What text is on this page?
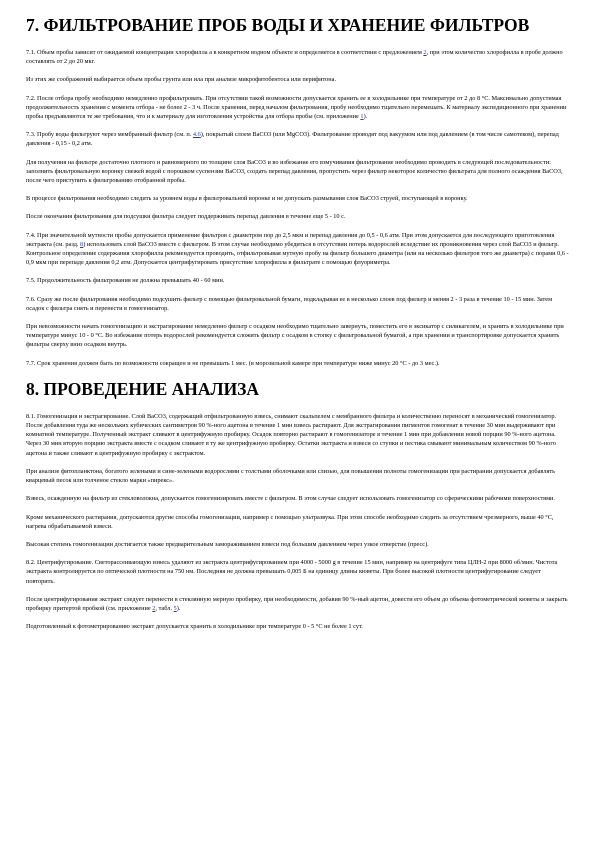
7. ФИЛЬТРОВАНИЕ ПРОБ ВОДЫ И ХРАНЕНИЕ ФИЛЬТРОВ

7.1. Объем пробы зависит от ожидаемой концентрации хлорофилла а в конкретном водном объекте и определяется в соответствии с предложением 2, при этом количество хлорофилла в пробе должно составлять от 2 до 20 мкг.

Из этих же соображений выбирается объем пробы грунта или ила при анализе микрофитобентоса или перифитона.

7.2. После отбора пробу необходимо немедленно профильтровать. При отсутствии такой возможности допускается хранить ее в холодильнике при температуре от 2 до 8 °С. Максимально допустимая продолжительность хранения с момента отбора - не более 2 - 3 ч. После хранения, перед началом фильтрования, пробу необходимо тщательно перемешать. К материалу экспедиционного при хранении пробы предъявляются те же требования, что и к материалу для изготовления устройства для отбора пробы (см. приложение 1).

7.3. Пробу воды фильтруют через мембранный фильтр (см. п. 4.6), покрытый слоем BaCO3 (или MgCO3). Фильтрование проводят под вакуумом или под давлением (в том числе самотеком), перепад давления - 0,15 - 0,2 атм.

Для получения на фильтре достаточно плотного и равномерного по толщине слоя BaCO3 и во избежание его взмучивания фильтрование необходимо проводить в следующей последовательности: заполнить фильтровальную воронку свежей водой с порошком суспензии BaCO3, создать перепад давления, пропустить через фильтр некоторое количество фильтрата для полного осаждения BaCO3, после чего приступить к фильтрованию отобранной пробы.

В процессе фильтрования необходимо следить за уровнем воды в фильтровальной воронке и не допускать размывания слоя BaCO3 струей, поступающей в воронку.

После окончания фильтрования для подсушки фильтра следует поддерживать перепад давления в течение еще 5 - 10 с.

7.4. При значительной мутности пробы допускается применение фильтров с диаметром пор до 2,5 мкм и перепад давления до 0,5 - 0,6 атм. При этом допускается для последующего приготовления экстракта (см. разд. 8) использовать слой BaCO3 вместе с фильтром. В этом случае необходимо убедиться в отсутствии потерь водорослей вследствие их проникновения через слой BaCO3 и фильтр. Контрольное определение содержания хлорофилла рекомендуется проводить, отфильтровывая мутную пробу на фильтр большего диаметра (или на несколько фильтров того же диаметра) с порами 0,6 - 0,9 мкм при перепаде давления 0,2 атм. Допускается центрифугировать присутствие хлорофилла в фильтрате с помощью флуориметра.

7.5. Продолжительность фильтрования не должна превышать 40 - 60 мин.

7.6. Сразу же после фильтрования необходимо подсушить фильтр с помощью фильтровальной бумаги, подкладывая ее в несколько слоев под фильтр и меняя 2 - 3 раза в течение 10 - 15 мин. Затем осадок с фильтра снять и перенести в гомогенизатор.

При невозможности начать гомогенизацию и экстрагирование немедленно фильтр с осадком необходимо тщательно завернуть, поместить его в эксикатор с силикагелем, и хранить в холодильнике при температуре минус 10 - 0 °С. Во избежание потерь водорослей рекомендуется сложить фильтр с осадком в стопку с фильтровальной бумагой, а при хранении и транспортировке допускается хранить фильтры сверху вниз осадком внутрь.

7.7. Срок хранения должен быть по возможности сокращен и не превышать 1 мес. (в морозильной камере при температуре ниже минус 20 °С - до 3 мес.).

8. ПРОВЕДЕНИЕ АНАЛИЗА

8.1. Гомогенизация и экстрагирование. Слой BaCO3, содержащий отфильтрованную взвесь, снимают скальпелем с мембранного фильтра и количественно переносят в механический гомогенизатор. После добавления туда же нескольких кубических сантиметров 90 %-ного ацетона в течение 1 мин взвесь растирают. Для экстрагирования пигментов гомогенат в течение 30 мин выдерживают при комнатной температуре. Полученный экстракт сливают в центрифужную пробирку. Осадок повторно растирают в гомогенизаторе в течение 1 мин при добавлении новой порции 90 %-ного ацетона. Через 30 мин вторую порцию экстракта вместе с осадком сливают в ту же центрифужную пробирку. Остатки экстракта и взвеси со ступки и пестика смывают минимальным количеством 90 %-ного ацетона и также сливают в центрифужную пробирку с экстрактом.

При анализе фитопланктона, богатого зелеными и сине-зелеными водорослями с толстыми оболочками или слизью, для повышения полноты гомогенизации при растирании допускается добавлять кварцевый песок или толченое стекло марки «пирекс».

Взвесь, осажденную на фильтр из стекловолокна, допускается гомогенизировать вместе с фильтром. В этом случае следует использовать гомогенизатор со сферическими рабочими поверхностями.

Кроме механического растирания, допускаются другие способы гомогенизации, например с помощью ультразвука. При этом способе необходимо следить за отсутствием чрезмерного, выше 40 °С, нагрева обрабатываемой взвеси.

Высокая степень гомогенизации достигается также предварительным замораживанием взвеси под большим давлением через узкое отверстие (пресс).

8.2. Центрифугирование. Светорассеивающую взвесь удаляют из экстракта центрифугированием при 4000 - 5000 g в течение 15 мин, например на центрифуге типа ЦЛН-2 при 8000 об/мин. Чистота экстракта контролируется по оптической плотности на 750 нм. Последняя не должна превышать 0,005 Б на единицу длины кюветы. При более высокой плотности центрифугирование следует повторить.

После центрифугирования экстракт следует перенести в стеклянную мерную пробирку, при необходимости, добавив 90 %-ный ацетон, довести его объем до объема фотометрической кюветы и закрыть пробирку притертой пробкой (см. приложение 2, табл. 5).

Подготовленный к фотометрированию экстракт допускается хранить в холодильнике при температуре 0 - 5 °С не более 1 сут.
